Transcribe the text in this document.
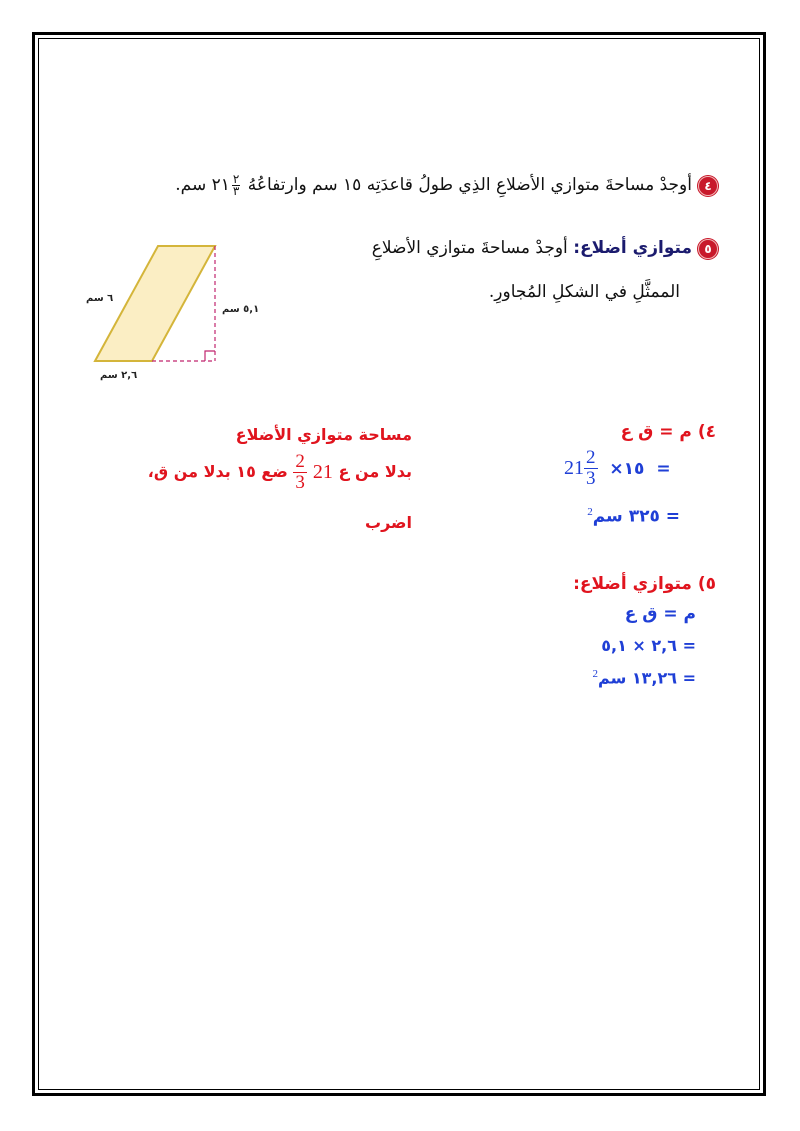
٤أوجدْ مساحةَ متوازي الأضلاعِ الذِي طولُ قاعدَتِه ١٥ سم وارتفاعُهُ
$\frac{٢}{٣}$
٢١ سم.
٥متوازي أضلاع: أوجدْ مساحةَ متوازي الأضلاعِ
الممثَّلِ في الشكلِ المُجاورِ.
٦ سم
٥,١ سم
٢,٦ سم
٤) م = ق ع
$21 \frac{2}{3}$ ×١٥ =
= ٣٢٥ سم$^2$
مساحة متوازي الأضلاع
بدلا من ع 21
$\frac{2}{3}$
ضع ١٥ بدلا من ق،
اضرب
٥) متوازي أضلاع:
م = ق ع
= ٢,٦ × ٥,١
= ١٣,٢٦ سم$^2$
